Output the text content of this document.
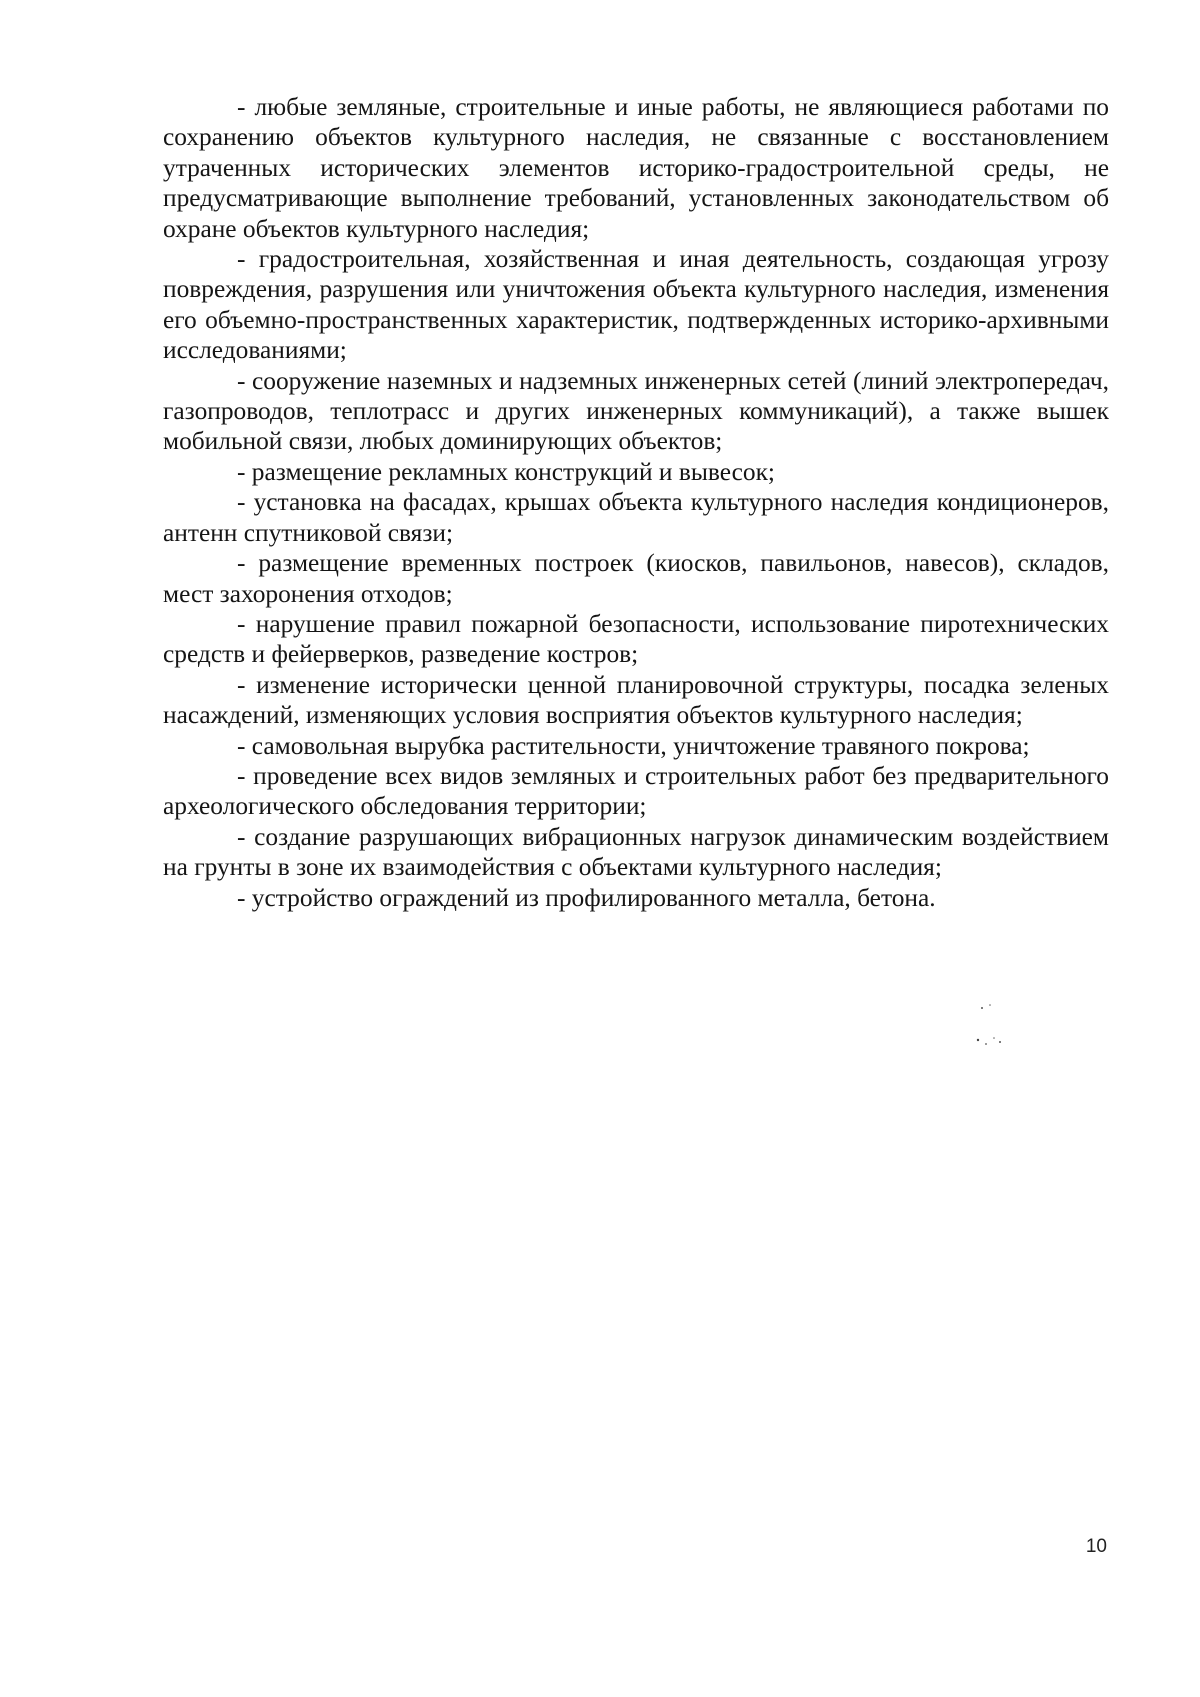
- любые земляные, строительные и иные работы, не являющиеся работами по сохранению объектов культурного наследия, не связанные с восстановлением утраченных исторических элементов историко-градостроительной среды, не предусматривающие выполнение требований, установленных законодательством об охране объектов культурного наследия;

- градостроительная, хозяйственная и иная деятельность, создающая угрозу повреждения, разрушения или уничтожения объекта культурного наследия, изменения его объемно-пространственных характеристик, подтвержденных историко-архивными исследованиями;

- сооружение наземных и надземных инженерных сетей (линий электропередач, газопроводов, теплотрасс и других инженерных коммуникаций), а также вышек мобильной связи, любых доминирующих объектов;

- размещение рекламных конструкций и вывесок;

- установка на фасадах, крышах объекта культурного наследия кондиционеров, антенн спутниковой связи;

- размещение временных построек (киосков, павильонов, навесов), складов, мест захоронения отходов;

- нарушение правил пожарной безопасности, использование пиротехнических средств и фейерверков, разведение костров;

- изменение исторически ценной планировочной структуры, посадка зеленых насаждений, изменяющих условия восприятия объектов культурного наследия;

- самовольная вырубка растительности, уничтожение травяного покрова;

- проведение всех видов земляных и строительных работ без предварительного археологического обследования территории;

- создание разрушающих вибрационных нагрузок динамическим воздействием на грунты в зоне их взаимодействия с объектами культурного наследия;

- устройство ограждений из профилированного металла, бетона.

10
